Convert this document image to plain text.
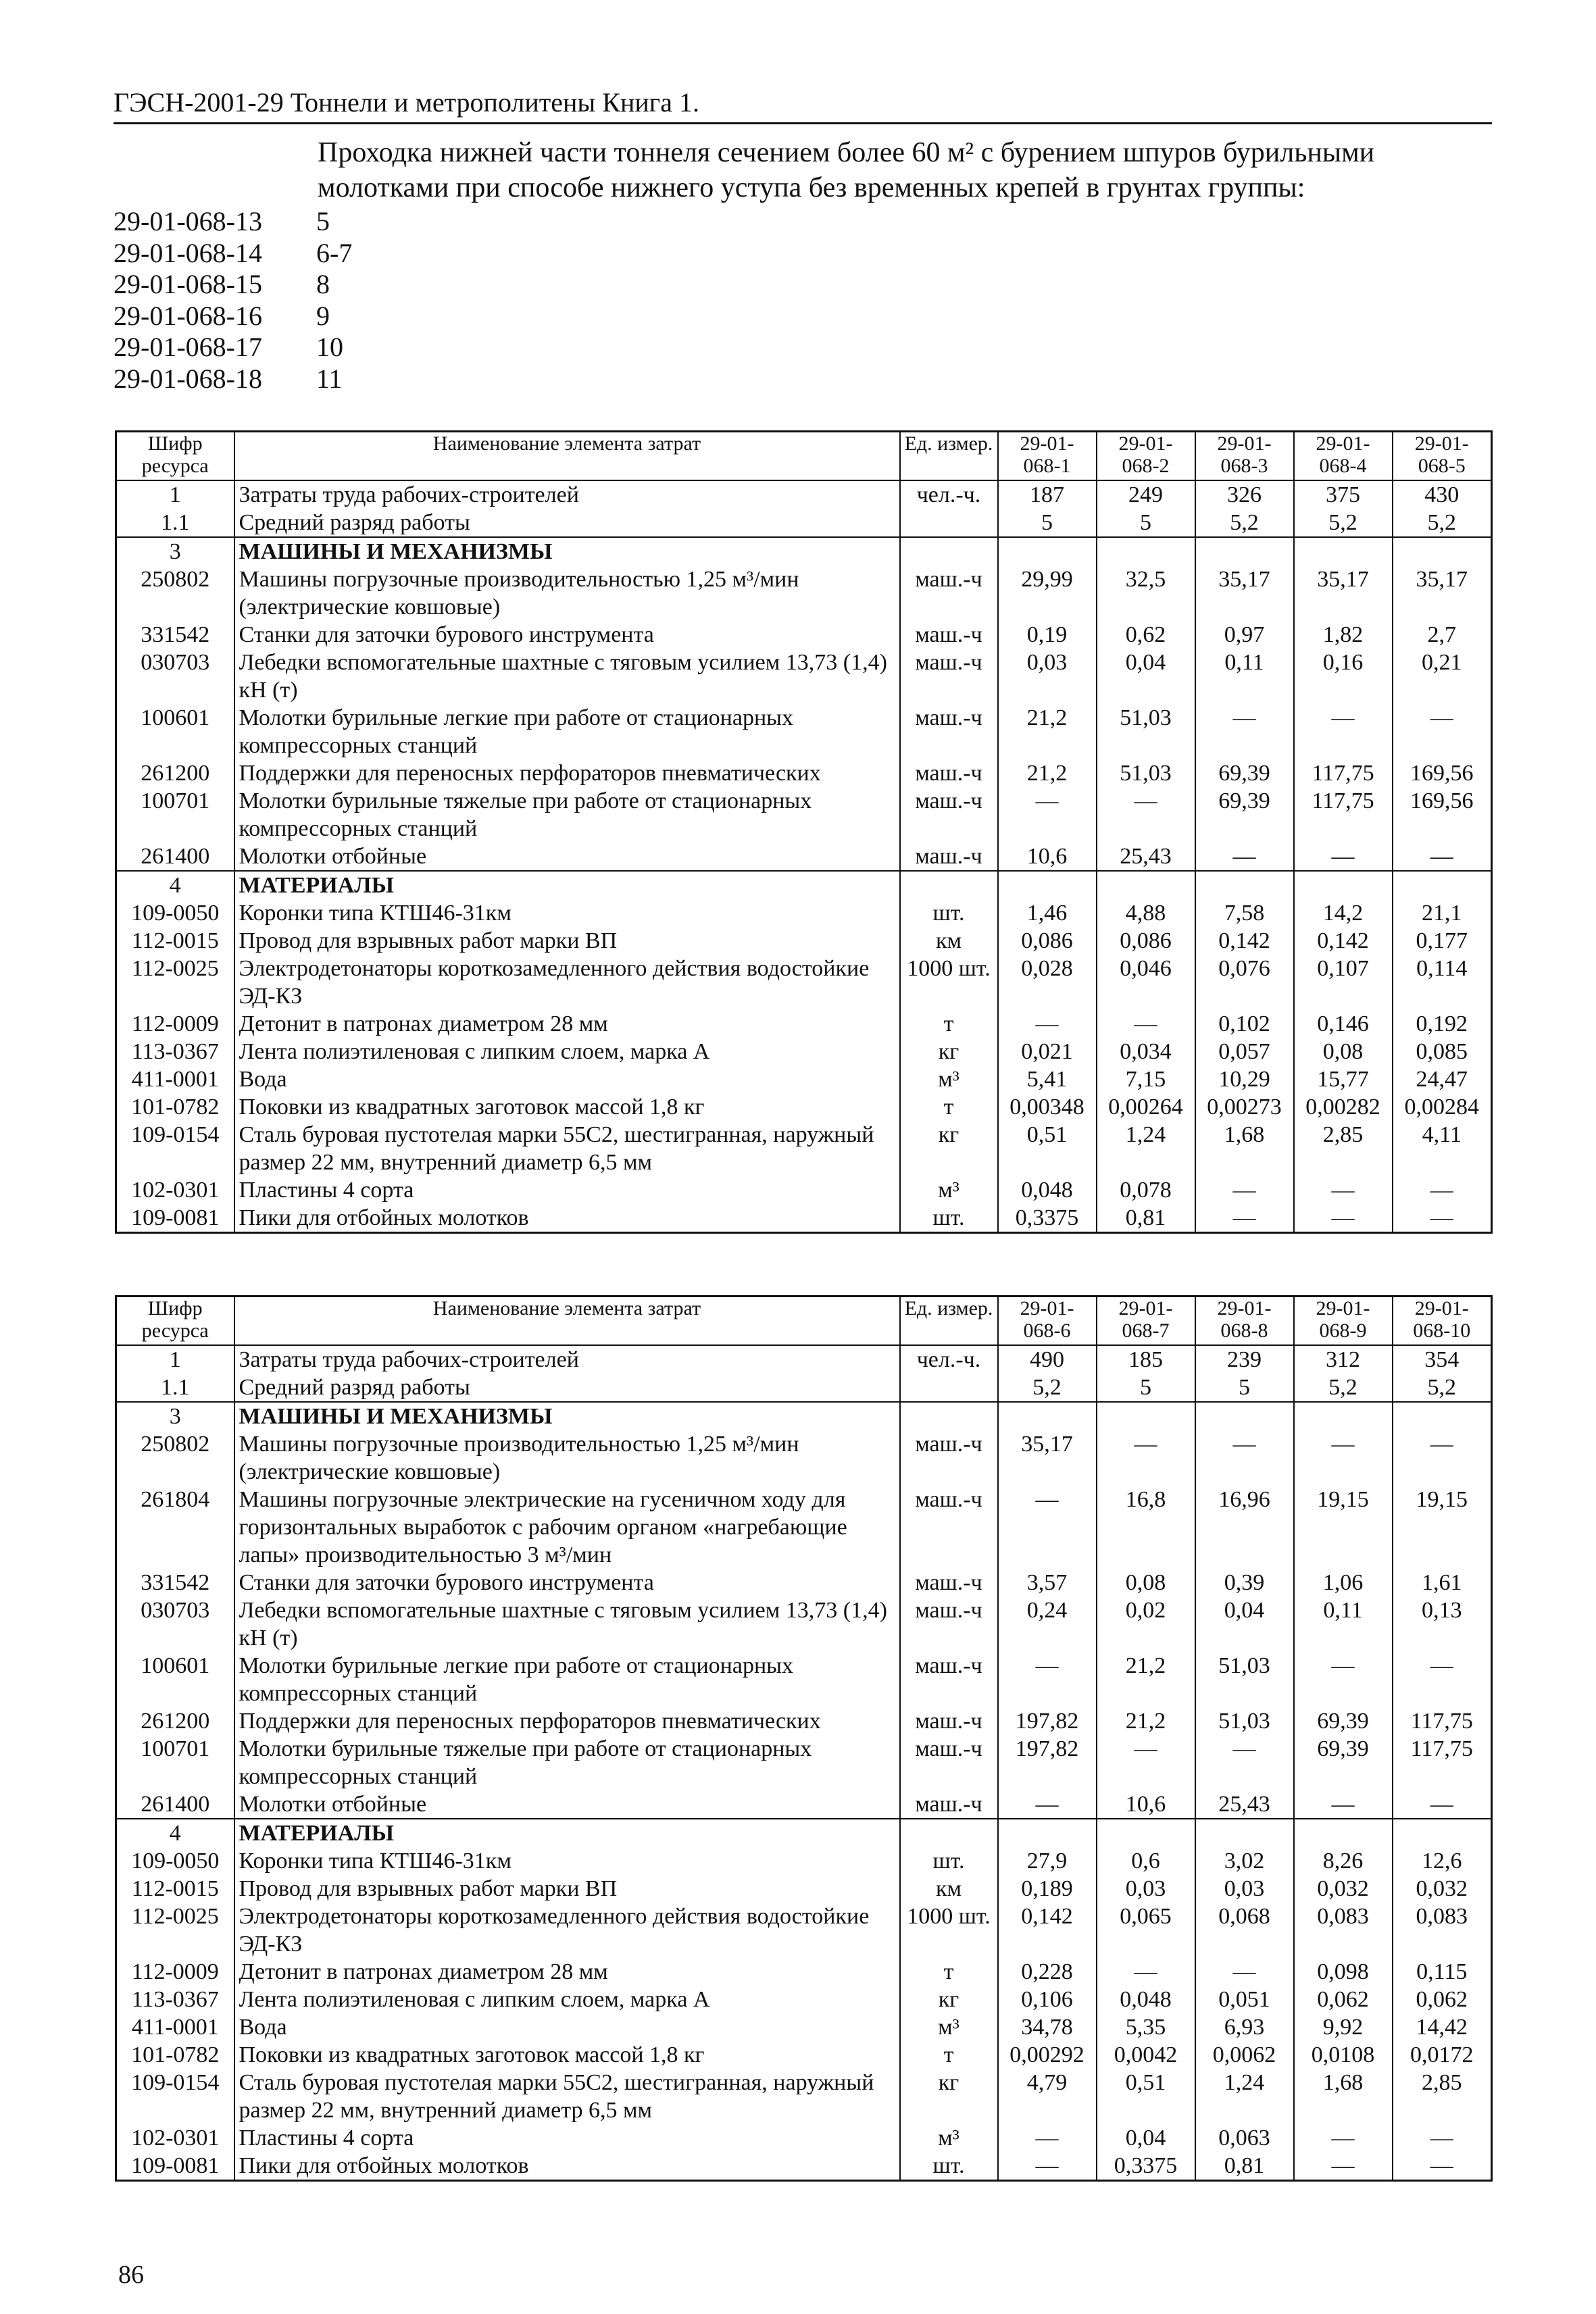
ГЭСН-2001-29 Тоннели и метрополитены Книга 1.
Проходка нижней части тоннеля сечением более 60 м² с бурением шпуров бурильными молотками при способе нижнего уступа без временных крепей в грунтах группы:
29-01-068-13	5
29-01-068-14	6-7
29-01-068-15	8
29-01-068-16	9
29-01-068-17	10
29-01-068-18	11
Шифр ресурса	Наименование элемента затрат	Ед. измер.	29-01-068-1	29-01-068-2	29-01-068-3	29-01-068-4	29-01-068-5
1	Затраты труда рабочих-строителей	чел.-ч.	187	249	326	375	430
1.1	Средний разряд работы		5	5	5,2	5,2	5,2
3	МАШИНЫ И МЕХАНИЗМЫ						
250802	Машины погрузочные производительностью 1,25 м³/мин (электрические ковшовые)	маш.-ч	29,99	32,5	35,17	35,17	35,17
331542	Станки для заточки бурового инструмента	маш.-ч	0,19	0,62	0,97	1,82	2,7
030703	Лебедки вспомогательные шахтные с тяговым усилием 13,73 (1,4) кН (т)	маш.-ч	0,03	0,04	0,11	0,16	0,21
100601	Молотки бурильные легкие при работе от стационарных компрессорных станций	маш.-ч	21,2	51,03	—	—	—
261200	Поддержки для переносных перфораторов пневматических	маш.-ч	21,2	51,03	69,39	117,75	169,56
100701	Молотки бурильные тяжелые при работе от стационарных компрессорных станций	маш.-ч	—	—	69,39	117,75	169,56
261400	Молотки отбойные	маш.-ч	10,6	25,43	—	—	—
4	МАТЕРИАЛЫ						
109-0050	Коронки типа КТШ46-31км	шт.	1,46	4,88	7,58	14,2	21,1
112-0015	Провод для взрывных работ марки ВП	км	0,086	0,086	0,142	0,142	0,177
112-0025	Электродетонаторы короткозамедленного действия водостойкие ЭД-КЗ	1000 шт.	0,028	0,046	0,076	0,107	0,114
112-0009	Детонит в патронах диаметром 28 мм	т	—	—	0,102	0,146	0,192
113-0367	Лента полиэтиленовая с липким слоем, марка А	кг	0,021	0,034	0,057	0,08	0,085
411-0001	Вода	м³	5,41	7,15	10,29	15,77	24,47
101-0782	Поковки из квадратных заготовок массой 1,8 кг	т	0,00348	0,00264	0,00273	0,00282	0,00284
109-0154	Сталь буровая пустотелая марки 55С2, шестигранная, наружный размер 22 мм, внутренний диаметр 6,5 мм	кг	0,51	1,24	1,68	2,85	4,11
102-0301	Пластины 4 сорта	м³	0,048	0,078	—	—	—
109-0081	Пики для отбойных молотков	шт.	0,3375	0,81	—	—	—
Шифр ресурса	Наименование элемента затрат	Ед. измер.	29-01-068-6	29-01-068-7	29-01-068-8	29-01-068-9	29-01-068-10
1	Затраты труда рабочих-строителей	чел.-ч.	490	185	239	312	354
1.1	Средний разряд работы		5,2	5	5	5,2	5,2
3	МАШИНЫ И МЕХАНИЗМЫ						
250802	Машины погрузочные производительностью 1,25 м³/мин (электрические ковшовые)	маш.-ч	35,17	—	—	—	—
261804	Машины погрузочные электрические на гусеничном ходу для горизонтальных выработок с рабочим органом «нагребающие лапы» производительностью 3 м³/мин	маш.-ч	—	16,8	16,96	19,15	19,15
331542	Станки для заточки бурового инструмента	маш.-ч	3,57	0,08	0,39	1,06	1,61
030703	Лебедки вспомогательные шахтные с тяговым усилием 13,73 (1,4) кН (т)	маш.-ч	0,24	0,02	0,04	0,11	0,13
100601	Молотки бурильные легкие при работе от стационарных компрессорных станций	маш.-ч	—	21,2	51,03	—	—
261200	Поддержки для переносных перфораторов пневматических	маш.-ч	197,82	21,2	51,03	69,39	117,75
100701	Молотки бурильные тяжелые при работе от стационарных компрессорных станций	маш.-ч	197,82	—	—	69,39	117,75
261400	Молотки отбойные	маш.-ч	—	10,6	25,43	—	—
4	МАТЕРИАЛЫ						
109-0050	Коронки типа КТШ46-31км	шт.	27,9	0,6	3,02	8,26	12,6
112-0015	Провод для взрывных работ марки ВП	км	0,189	0,03	0,03	0,032	0,032
112-0025	Электродетонаторы короткозамедленного действия водостойкие ЭД-КЗ	1000 шт.	0,142	0,065	0,068	0,083	0,083
112-0009	Детонит в патронах диаметром 28 мм	т	0,228	—	—	0,098	0,115
113-0367	Лента полиэтиленовая с липким слоем, марка А	кг	0,106	0,048	0,051	0,062	0,062
411-0001	Вода	м³	34,78	5,35	6,93	9,92	14,42
101-0782	Поковки из квадратных заготовок массой 1,8 кг	т	0,00292	0,0042	0,0062	0,0108	0,0172
109-0154	Сталь буровая пустотелая марки 55С2, шестигранная, наружный размер 22 мм, внутренний диаметр 6,5 мм	кг	4,79	0,51	1,24	1,68	2,85
102-0301	Пластины 4 сорта	м³	—	0,04	0,063	—	—
109-0081	Пики для отбойных молотков	шт.	—	0,3375	0,81	—	—
86
